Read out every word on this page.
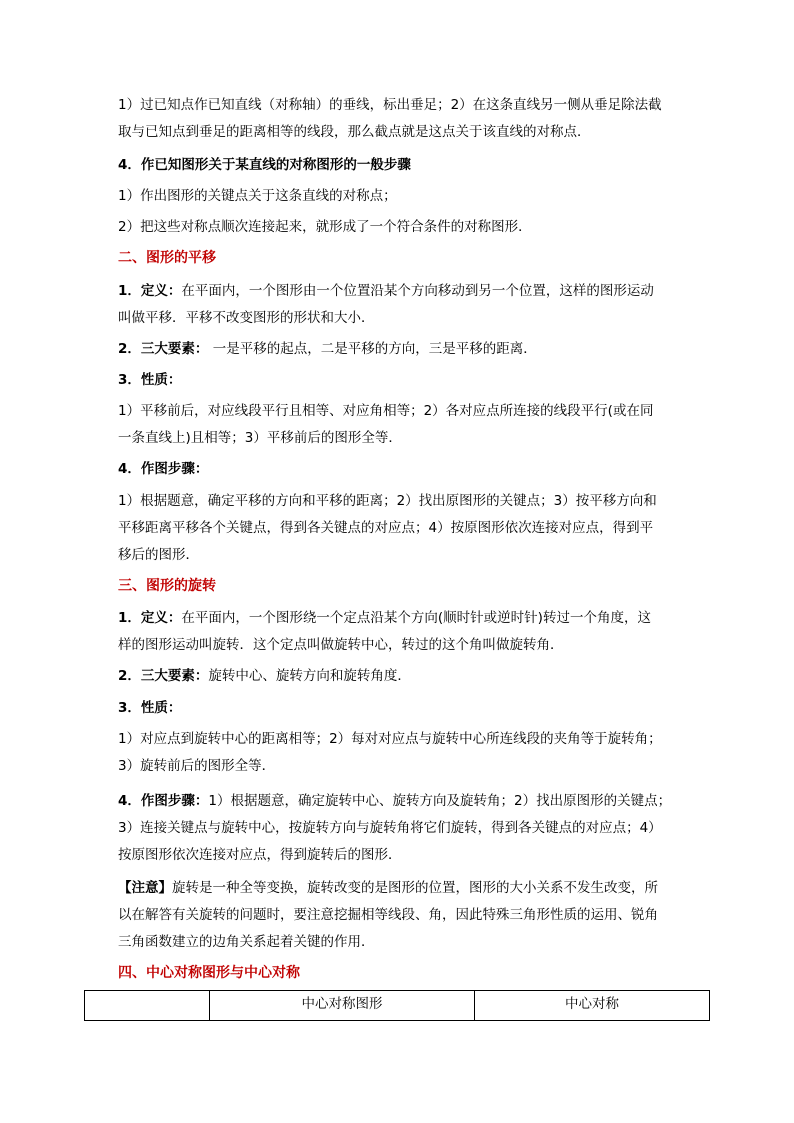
1）过已知点作已知直线（对称轴）的垂线，标出垂足；2）在这条直线另一侧从垂足除法截
取与已知点到垂足的距离相等的线段，那么截点就是这点关于该直线的对称点．

4．作已知图形关于某直线的对称图形的一般步骤

1）作出图形的关键点关于这条直线的对称点；

2）把这些对称点顺次连接起来，就形成了一个符合条件的对称图形．

二、图形的平移

1．定义：在平面内，一个图形由一个位置沿某个方向移动到另一个位置，这样的图形运动
叫做平移．平移不改变图形的形状和大小．

2．三大要素： 一是平移的起点，二是平移的方向，三是平移的距离．

3．性质：

1）平移前后，对应线段平行且相等、对应角相等；2）各对应点所连接的线段平行(或在同
一条直线上)且相等；3）平移前后的图形全等．

4．作图步骤：

1）根据题意，确定平移的方向和平移的距离；2）找出原图形的关键点；3）按平移方向和
平移距离平移各个关键点，得到各关键点的对应点；4）按原图形依次连接对应点，得到平
移后的图形．

三、图形的旋转

1．定义：在平面内，一个图形绕一个定点沿某个方向(顺时针或逆时针)转过一个角度，这
样的图形运动叫旋转．这个定点叫做旋转中心，转过的这个角叫做旋转角．

2．三大要素：旋转中心、旋转方向和旋转角度．

3．性质：

1）对应点到旋转中心的距离相等；2）每对对应点与旋转中心所连线段的夹角等于旋转角；
3）旋转前后的图形全等．

4．作图步骤：1）根据题意，确定旋转中心、旋转方向及旋转角；2）找出原图形的关键点；
3）连接关键点与旋转中心，按旋转方向与旋转角将它们旋转，得到各关键点的对应点；4）
按原图形依次连接对应点，得到旋转后的图形．

【注意】旋转是一种全等变换，旋转改变的是图形的位置，图形的大小关系不发生改变，所
以在解答有关旋转的问题时，要注意挖掘相等线段、角，因此特殊三角形性质的运用、锐角
三角函数建立的边角关系起着关键的作用．

四、中心对称图形与中心对称

	中心对称图形	中心对称
